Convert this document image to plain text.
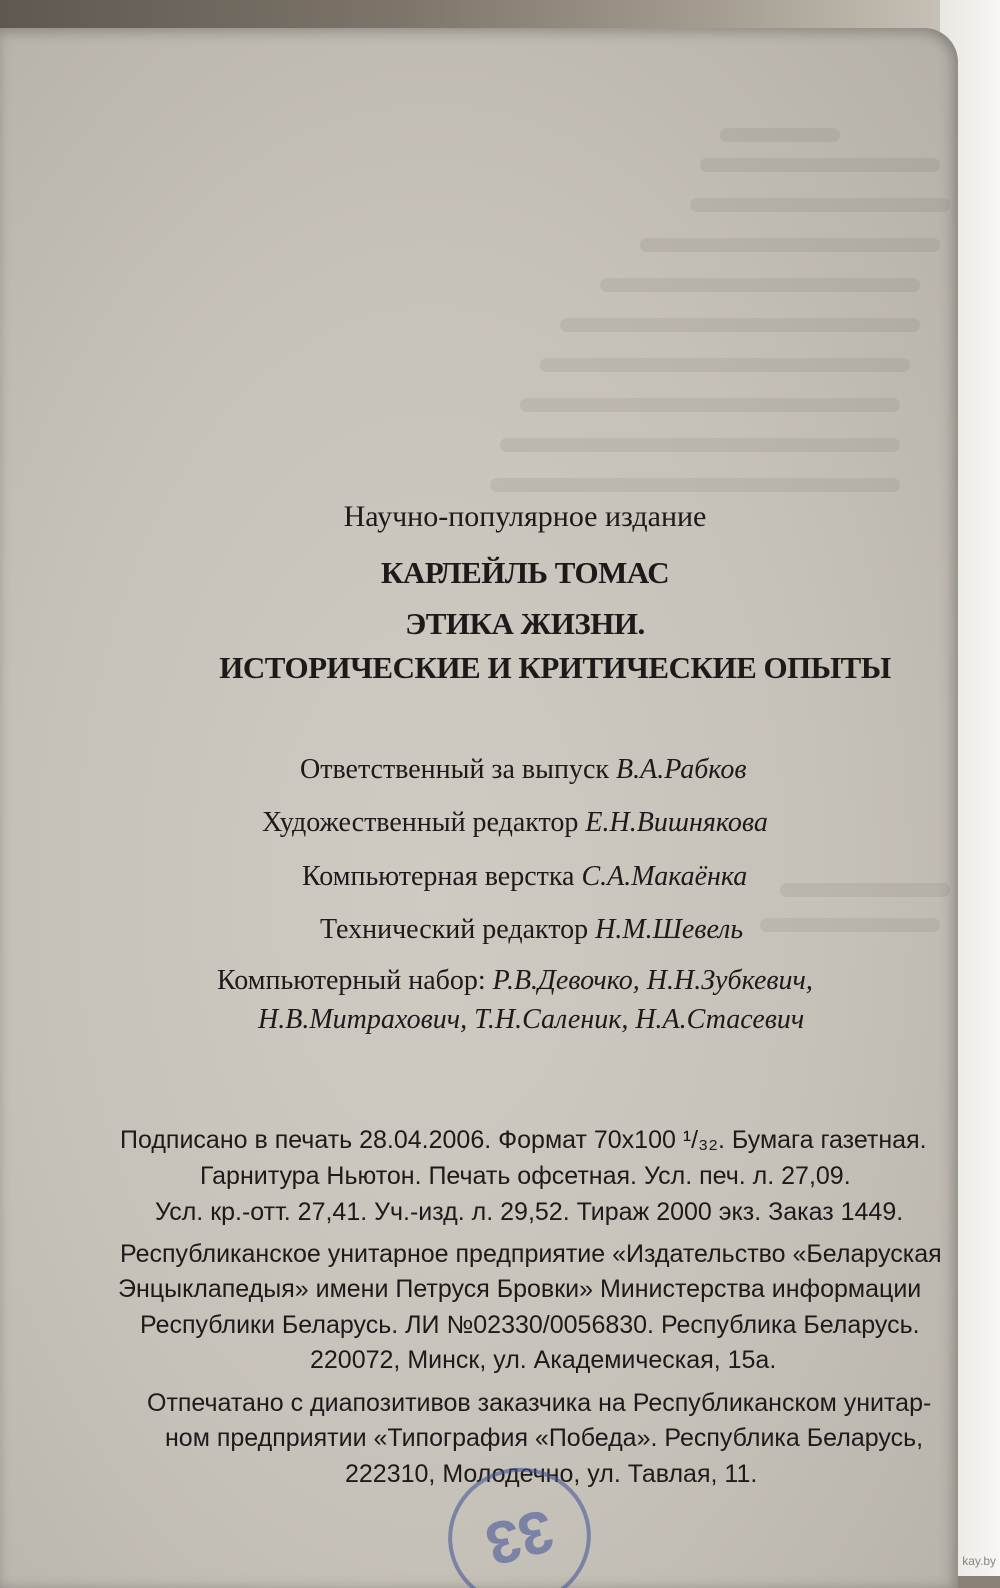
Научно-популярное издание
КАРЛЕЙЛЬ ТОМАС
ЭТИКА ЖИЗНИ.
ИСТОРИЧЕСКИЕ И КРИТИЧЕСКИЕ ОПЫТЫ
Ответственный за выпуск В.А.Рабков
Художественный редактор Е.Н.Вишнякова
Компьютерная верстка С.А.Макаёнка
Технический редактор Н.М.Шевель
Компьютерный набор: Р.В.Девочко, Н.Н.Зубкевич,
Н.В.Митрахович, Т.Н.Саленик, Н.А.Стасевич
Подписано в печать 28.04.2006. Формат 70x100 ¹/₃₂. Бумага газетная.
Гарнитура Ньютон. Печать офсетная. Усл. печ. л. 27,09.
Усл. кр.-отт. 27,41. Уч.-изд. л. 29,52. Тираж 2000 экз. Заказ 1449.
Республиканское унитарное предприятие «Издательство «Беларуская
Энцыклапедыя» имени Петруся Бровки» Министерства информации
Республики Беларусь. ЛИ №02330/0056830. Республика Беларусь.
220072, Минск, ул. Академическая, 15а.
Отпечатано с диапозитивов заказчика на Республиканском унитар-
ном предприятии «Типография «Победа». Республика Беларусь,
222310, Молодечно, ул. Тавлая, 11.
33	kay.by
